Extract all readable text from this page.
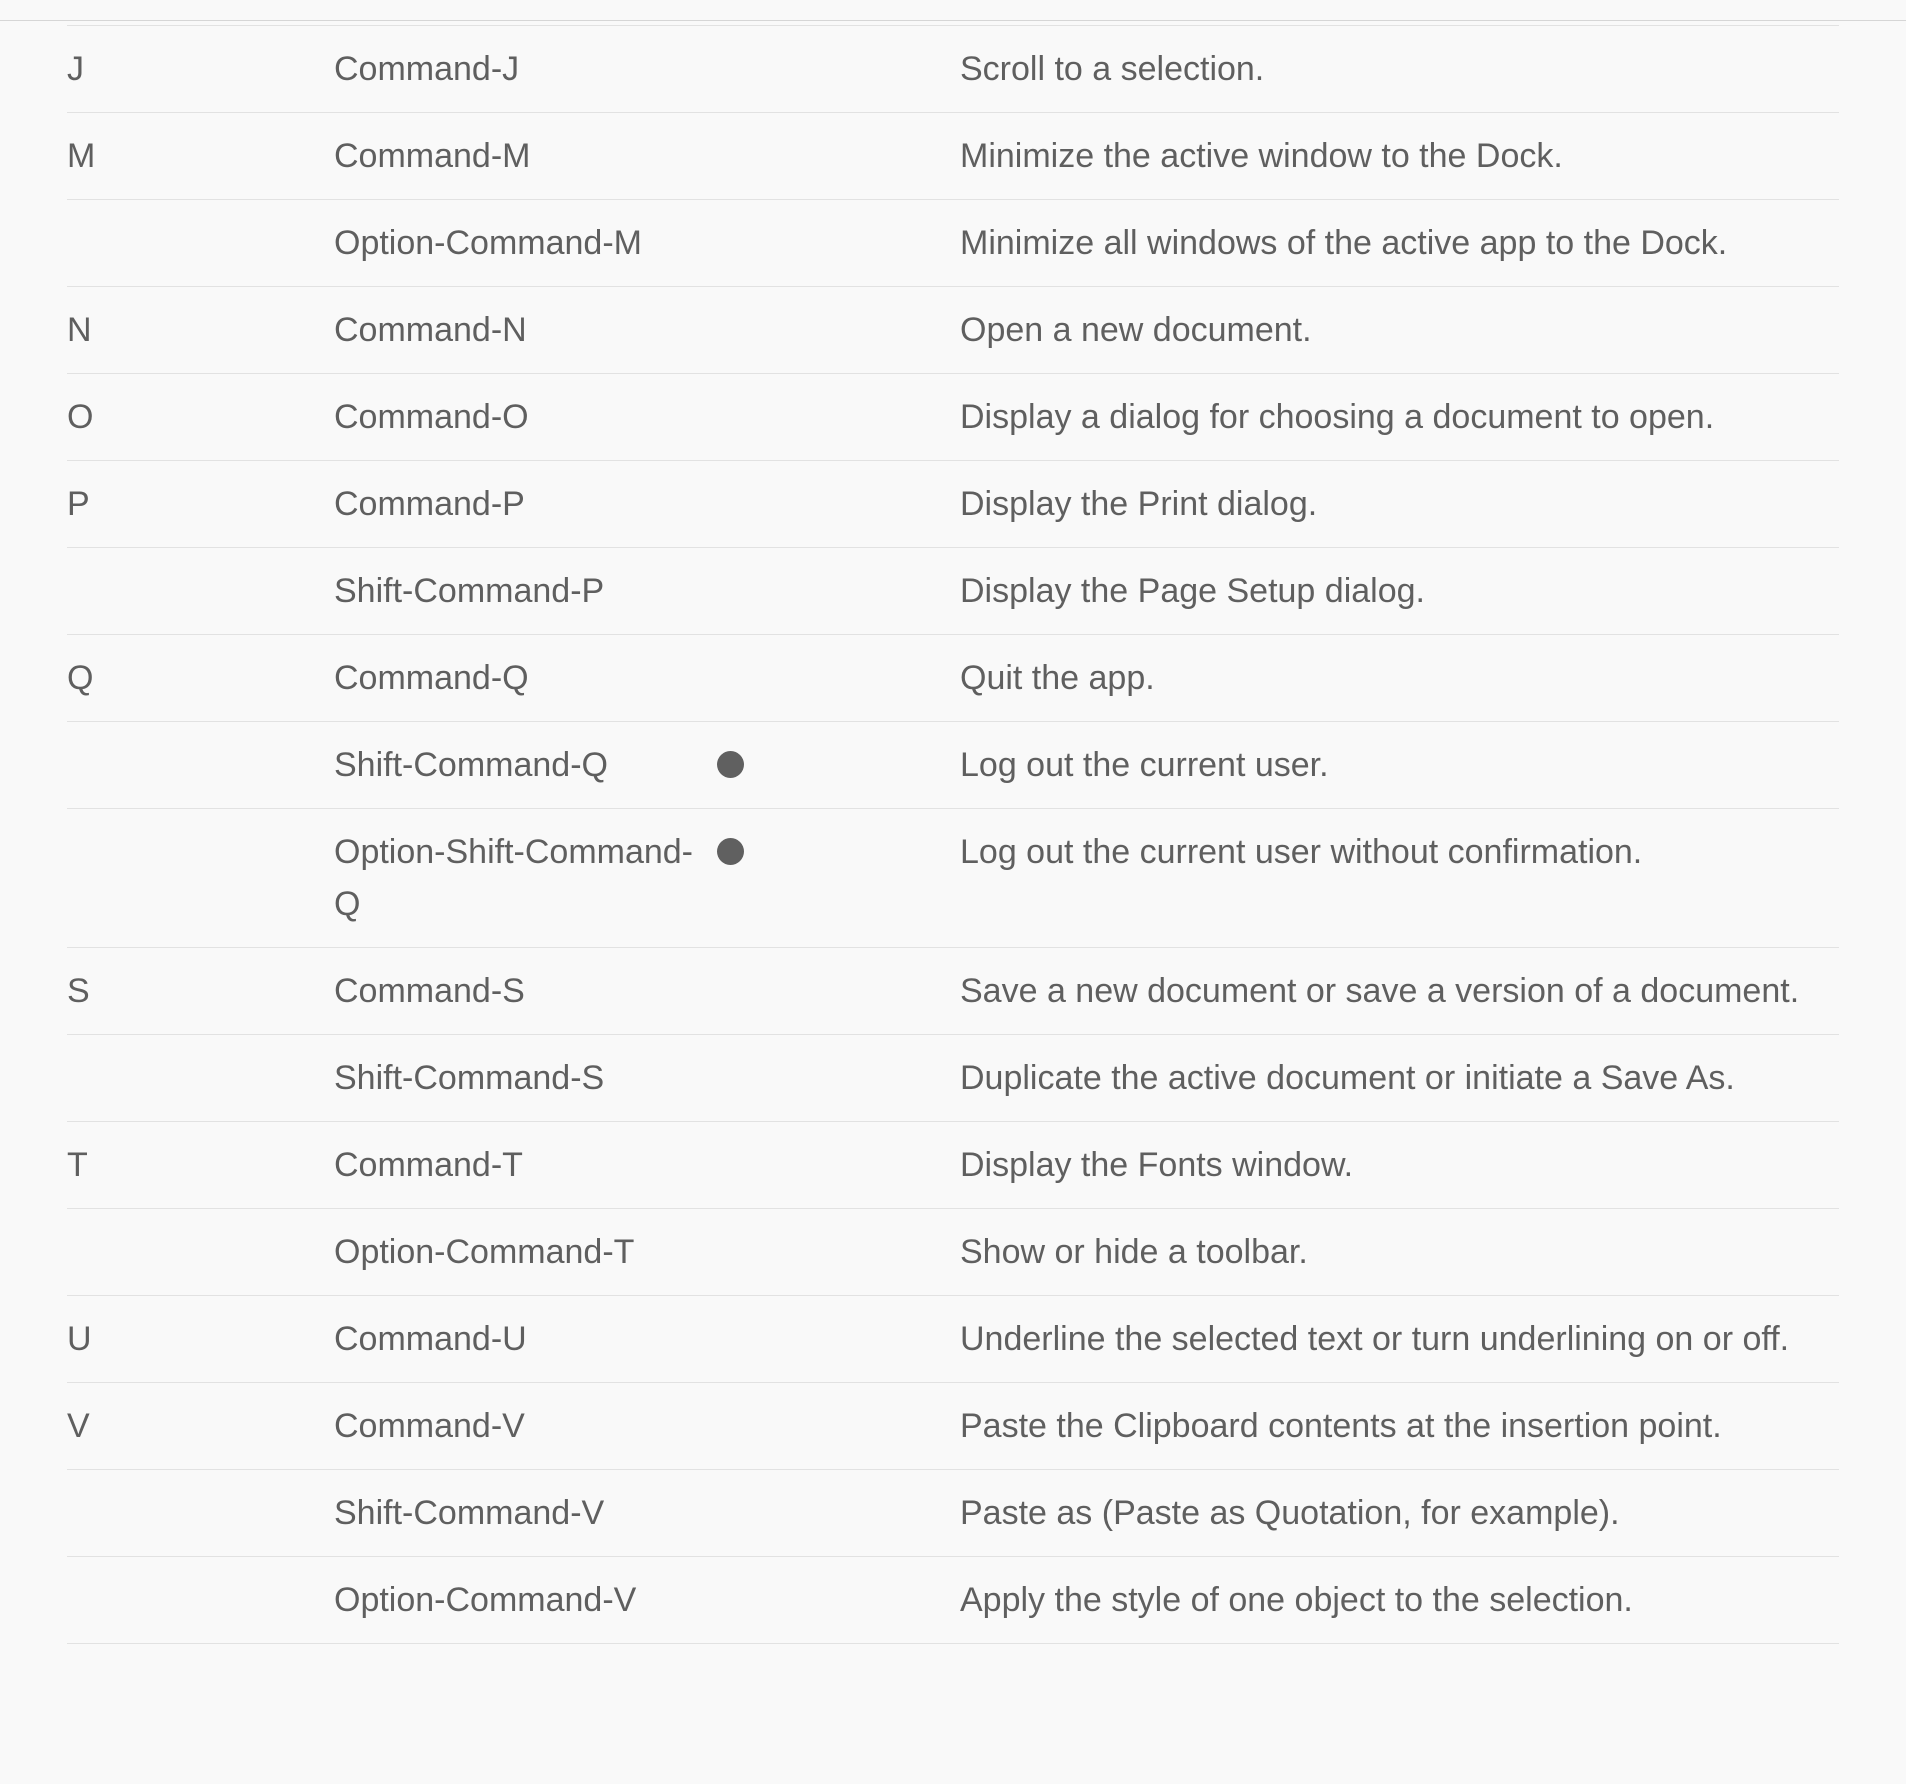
J	Command-J		Scroll to a selection.
M	Command-M		Minimize the active window to the Dock.
	Option-Command-M		Minimize all windows of the active app to the Dock.
N	Command-N		Open a new document.
O	Command-O		Display a dialog for choosing a document to open.
P	Command-P		Display the Print dialog.
	Shift-Command-P		Display the Page Setup dialog.
Q	Command-Q		Quit the app.
	Shift-Command-Q		Log out the current user.
	Option-Shift-Command-Q		Log out the current user without confirmation.
S	Command-S		Save a new document or save a version of a document.
	Shift-Command-S		Duplicate the active document or initiate a Save As.
T	Command-T		Display the Fonts window.
	Option-Command-T		Show or hide a toolbar.
U	Command-U		Underline the selected text or turn underlining on or off.
V	Command-V		Paste the Clipboard contents at the insertion point.
	Shift-Command-V		Paste as (Paste as Quotation, for example).
	Option-Command-V		Apply the style of one object to the selection.
